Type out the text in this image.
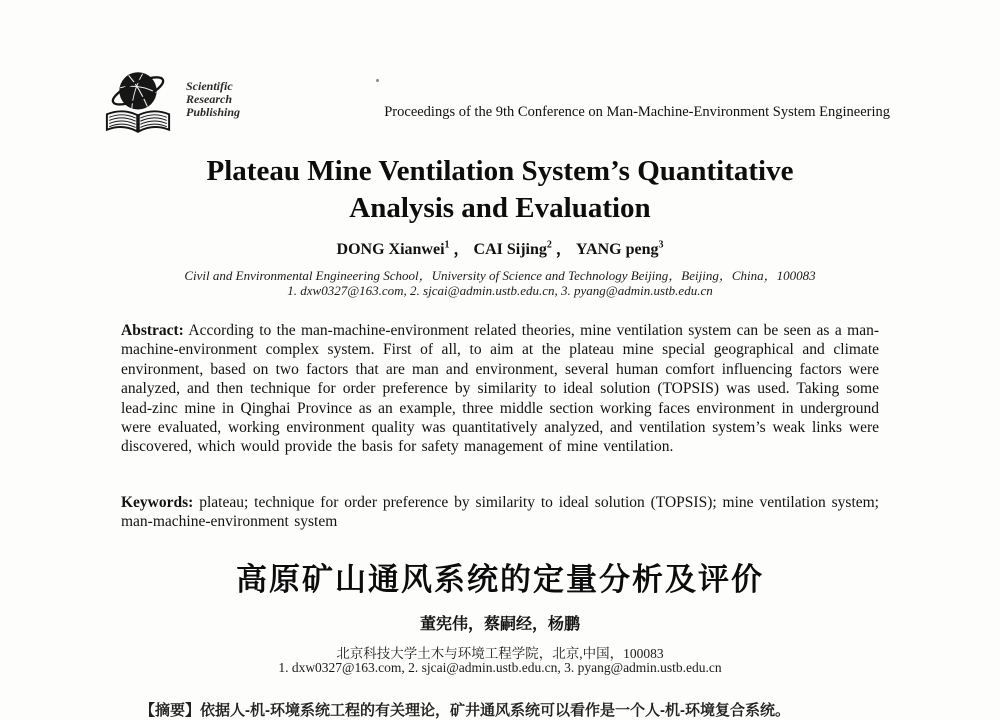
Scientific
Research
Publishing	Proceedings of the 9th Conference on Man-Machine-Environment System Engineering
Plateau Mine Ventilation System’s Quantitative
Analysis and Evaluation
DONG Xianwei$^1$ ， CAI Sijing$^2$ ， YANG peng$^3$
Civil and Environmental Engineering School，University of Science and Technology Beijing，Beijing，China，100083
1. dxw0327@163.com, 2. sjcai@admin.ustb.edu.cn, 3. pyang@admin.ustb.edu.cn
Abstract: According to the man-machine-environment related theories, mine ventilation system can be seen as a man-machine-environment complex system. First of all, to aim at the plateau mine special geographical and climate environment, based on two factors that are man and environment, several human comfort influencing factors were analyzed, and then technique for order preference by similarity to ideal solution (TOPSIS) was used. Taking some lead-zinc mine in Qinghai Province as an example, three middle section working faces environment in underground were evaluated, working environment quality was quantitatively analyzed, and ventilation system’s weak links were discovered, which would provide the basis for safety management of mine ventilation.
Keywords: plateau; technique for order preference by similarity to ideal solution (TOPSIS); mine ventilation system; man-machine-environment system
高原矿山通风系统的定量分析及评价
董宪伟，蔡嗣经，杨鹏
北京科技大学土木与环境工程学院，北京,中国，100083
1. dxw0327@163.com, 2. sjcai@admin.ustb.edu.cn, 3. pyang@admin.ustb.edu.cn
【摘要】依据人-机-环境系统工程的有关理论，矿井通风系统可以看作是一个人-机-环境复合系统。
